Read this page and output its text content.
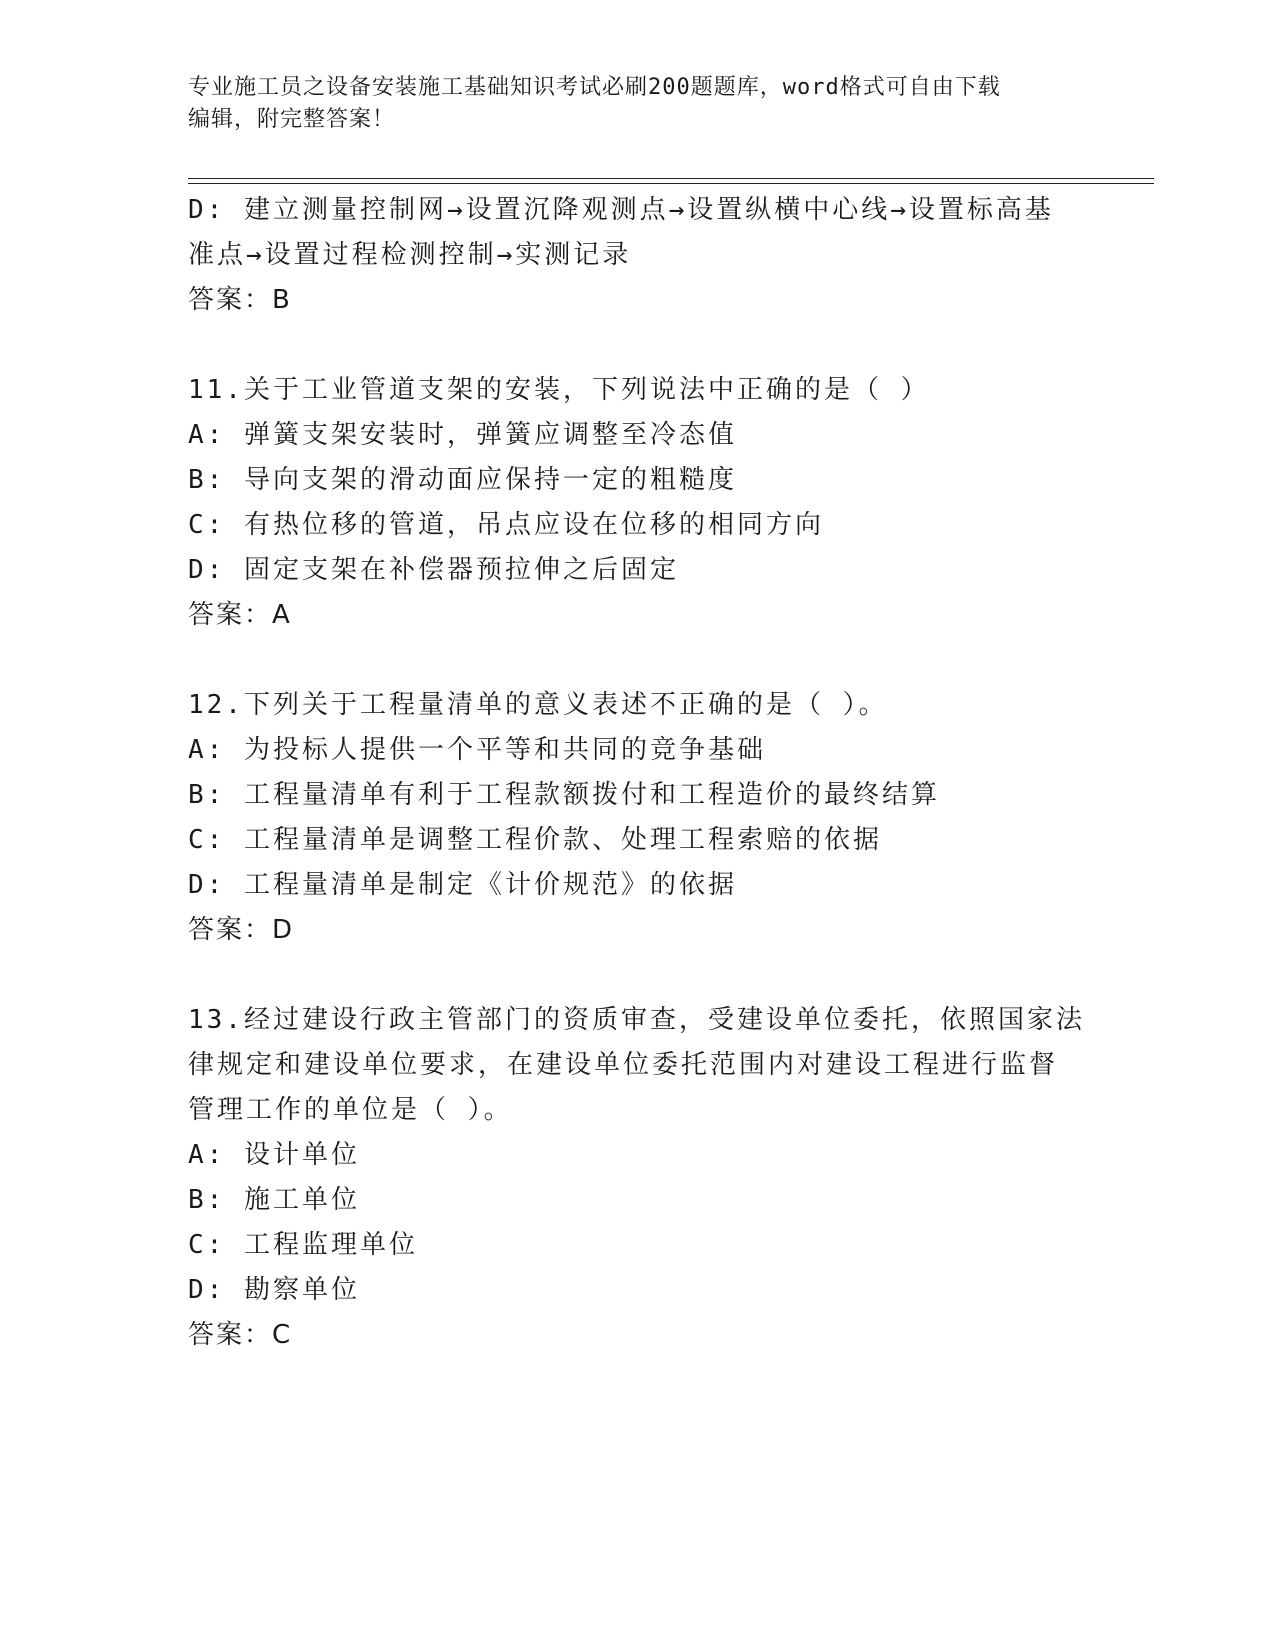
专业施工员之设备安装施工基础知识考试必刷200题题库，word格式可自由下载
编辑，附完整答案！
D: 建立测量控制网→设置沉降观测点→设置纵横中心线→设置标高基
准点→设置过程检测控制→实测记录
答案：B
11.关于工业管道支架的安装，下列说法中正确的是（ ）
A: 弹簧支架安装时，弹簧应调整至冷态值
B: 导向支架的滑动面应保持一定的粗糙度
C: 有热位移的管道，吊点应设在位移的相同方向
D: 固定支架在补偿器预拉伸之后固定
答案：A
12.下列关于工程量清单的意义表述不正确的是（ ）。
A: 为投标人提供一个平等和共同的竞争基础
B: 工程量清单有利于工程款额拨付和工程造价的最终结算
C: 工程量清单是调整工程价款、处理工程索赔的依据
D: 工程量清单是制定《计价规范》的依据
答案：D
13.经过建设行政主管部门的资质审查，受建设单位委托，依照国家法
律规定和建设单位要求，在建设单位委托范围内对建设工程进行监督
管理工作的单位是（ ）。
A: 设计单位
B: 施工单位
C: 工程监理单位
D: 勘察单位
答案：C
